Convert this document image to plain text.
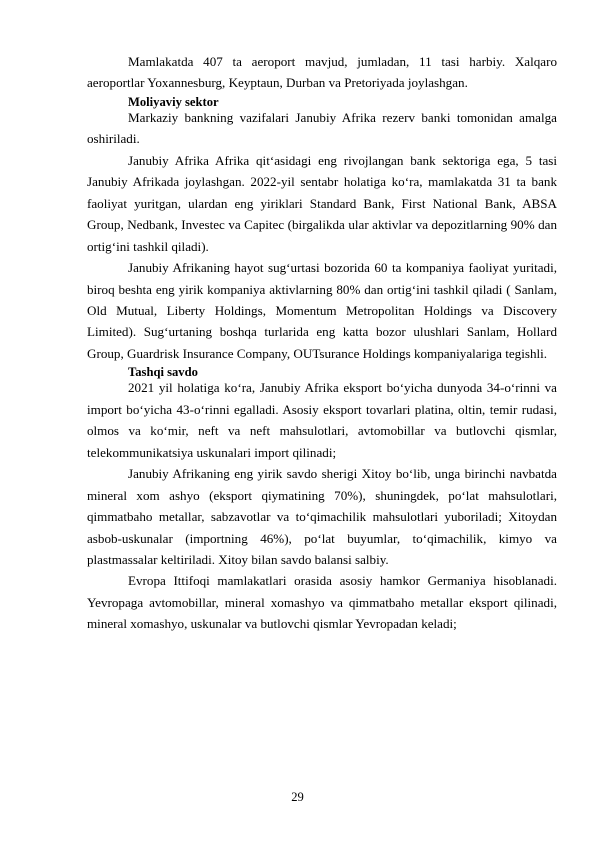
Mamlakatda 407 ta aeroport mavjud, jumladan, 11 tasi harbiy. Xalqaro aeroportlar Yoxannesburg, Keyptaun, Durban va Pretoriyada joylashgan.

Moliyaviy sektor

Markaziy bankning vazifalari Janubiy Afrika rezerv banki tomonidan amalga oshiriladi.

Janubiy Afrika Afrika qitʻasidagi eng rivojlangan bank sektoriga ega, 5 tasi Janubiy Afrikada joylashgan. 2022-yil sentabr holatiga koʻra, mamlakatda 31 ta bank faoliyat yuritgan, ulardan eng yiriklari Standard Bank, First National Bank, ABSA Group, Nedbank, Investec va Capitec (birgalikda ular aktivlar va depozitlarning 90% dan ortigʻini tashkil qiladi).

Janubiy Afrikaning hayot sugʻurtasi bozorida 60 ta kompaniya faoliyat yuritadi, biroq beshta eng yirik kompaniya aktivlarning 80% dan ortigʻini tashkil qiladi ( Sanlam, Old Mutual, Liberty Holdings, Momentum Metropolitan Holdings va Discovery Limited). Sugʻurtaning boshqa turlarida eng katta bozor ulushlari Sanlam, Hollard Group, Guardrisk Insurance Company, OUTsurance Holdings kompaniyalariga tegishli.

Tashqi savdo

2021 yil holatiga koʻra, Janubiy Afrika eksport boʻyicha dunyoda 34-oʻrinni va import boʻyicha 43-oʻrinni egalladi. Asosiy eksport tovarlari platina, oltin, temir rudasi, olmos va koʻmir, neft va neft mahsulotlari, avtomobillar va butlovchi qismlar, telekommunikatsiya uskunalari import qilinadi;

Janubiy Afrikaning eng yirik savdo sherigi Xitoy boʻlib, unga birinchi navbatda mineral xom ashyo (eksport qiymatining 70%), shuningdek, poʻlat mahsulotlari, qimmatbaho metallar, sabzavotlar va toʻqimachilik mahsulotlari yuboriladi; Xitoydan asbob-uskunalar (importning 46%), poʻlat buyumlar, toʻqimachilik, kimyo va plastmassalar keltiriladi. Xitoy bilan savdo balansi salbiy.

Evropa Ittifoqi mamlakatlari orasida asosiy hamkor Germaniya hisoblanadi. Yevropaga avtomobillar, mineral xomashyo va qimmatbaho metallar eksport qilinadi, mineral xomashyo, uskunalar va butlovchi qismlar Yevropadan keladi;

29
